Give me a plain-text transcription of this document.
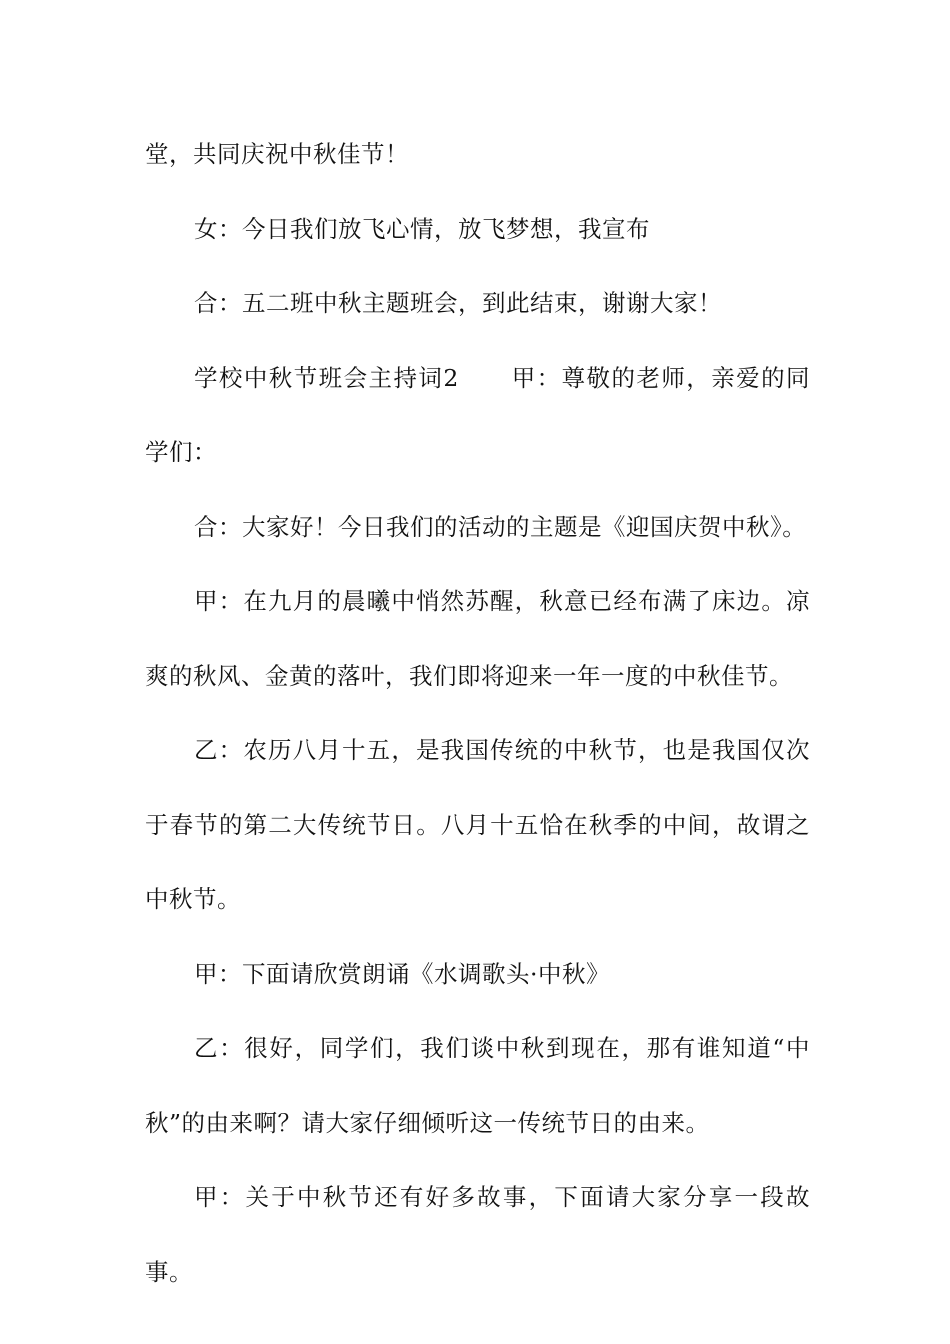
堂，共同庆祝中秋佳节！

女：今日我们放飞心情，放飞梦想，我宣布

合：五二班中秋主题班会，到此结束，谢谢大家！

学校中秋节班会主持词2 甲：尊敬的老师，亲爱的同学们：

合：大家好！今日我们的活动的主题是《迎国庆贺中秋》。

甲：在九月的晨曦中悄然苏醒，秋意已经布满了床边。凉爽的秋风、金黄的落叶，我们即将迎来一年一度的中秋佳节。

乙：农历八月十五，是我国传统的中秋节，也是我国仅次于春节的第二大传统节日。八月十五恰在秋季的中间，故谓之中秋节。

甲：下面请欣赏朗诵《水调歌头·中秋》

乙：很好，同学们，我们谈中秋到现在，那有谁知道“中秋”的由来啊？请大家仔细倾听这一传统节日的由来。

甲：关于中秋节还有好多故事，下面请大家分享一段故事。
